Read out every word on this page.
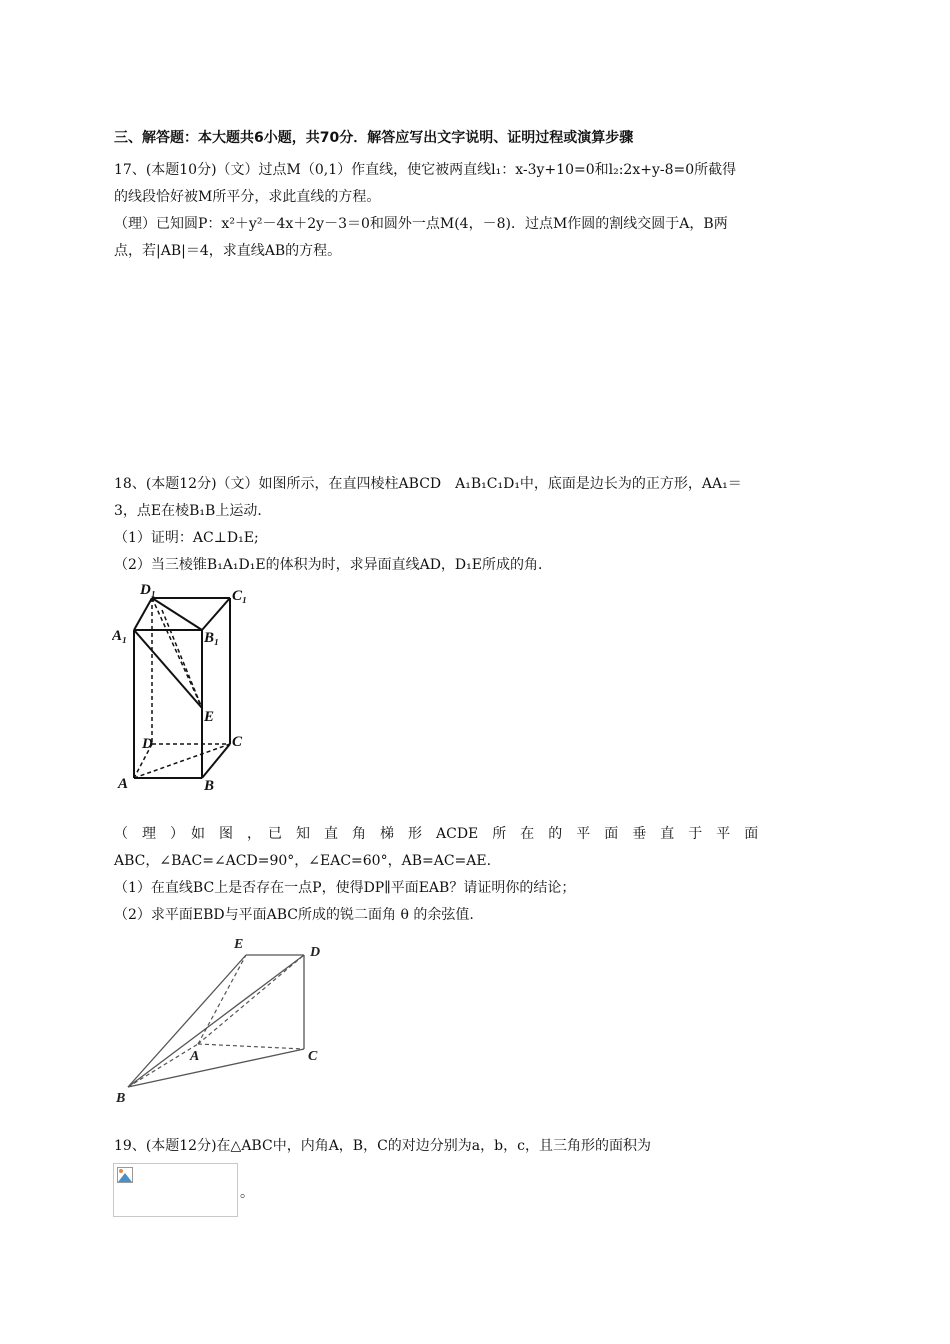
三、解答题：本大题共6小题，共70分．解答应写出文字说明、证明过程或演算步骤
17、(本题10分)（文）过点M（0,1）作直线，使它被两直线l₁：x-3y+10=0和l₂:2x+y-8=0所截得
的线段恰好被M所平分，求此直线的方程。
（理）已知圆P：x²＋y²－4x＋2y－3＝0和圆外一点M(4，－8)．过点M作圆的割线交圆于A，B两
点，若|AB|＝4，求直线AB的方程。
18、(本题12分)（文）如图所示，在直四棱柱ABCD　A₁B₁C₁D₁中，底面是边长为的正方形，AA₁＝
3，点E在棱B₁B上运动．
（1）证明：AC⊥D₁E;
（2）当三棱锥B₁A₁D₁E的体积为时，求异面直线AD，D₁E所成的角．
D₁	C₁
A₁	B₁
E
D	C
A	B
（　理　）　如　图　，　已　知　直　角　梯　形　ACDE　所　在　的　平　面　垂　直　于　平　面
ABC，∠BAC=∠ACD=90°，∠EAC=60°，AB=AC=AE.
（1）在直线BC上是否存在一点P，使得DP∥平面EAB？请证明你的结论；
（2）求平面EBD与平面ABC所成的锐二面角 θ 的余弦值.
E
D
A	C
B
19、(本题12分)在△ABC中，内角A，B，C的对边分别为a，b，c，且三角形的面积为
。
